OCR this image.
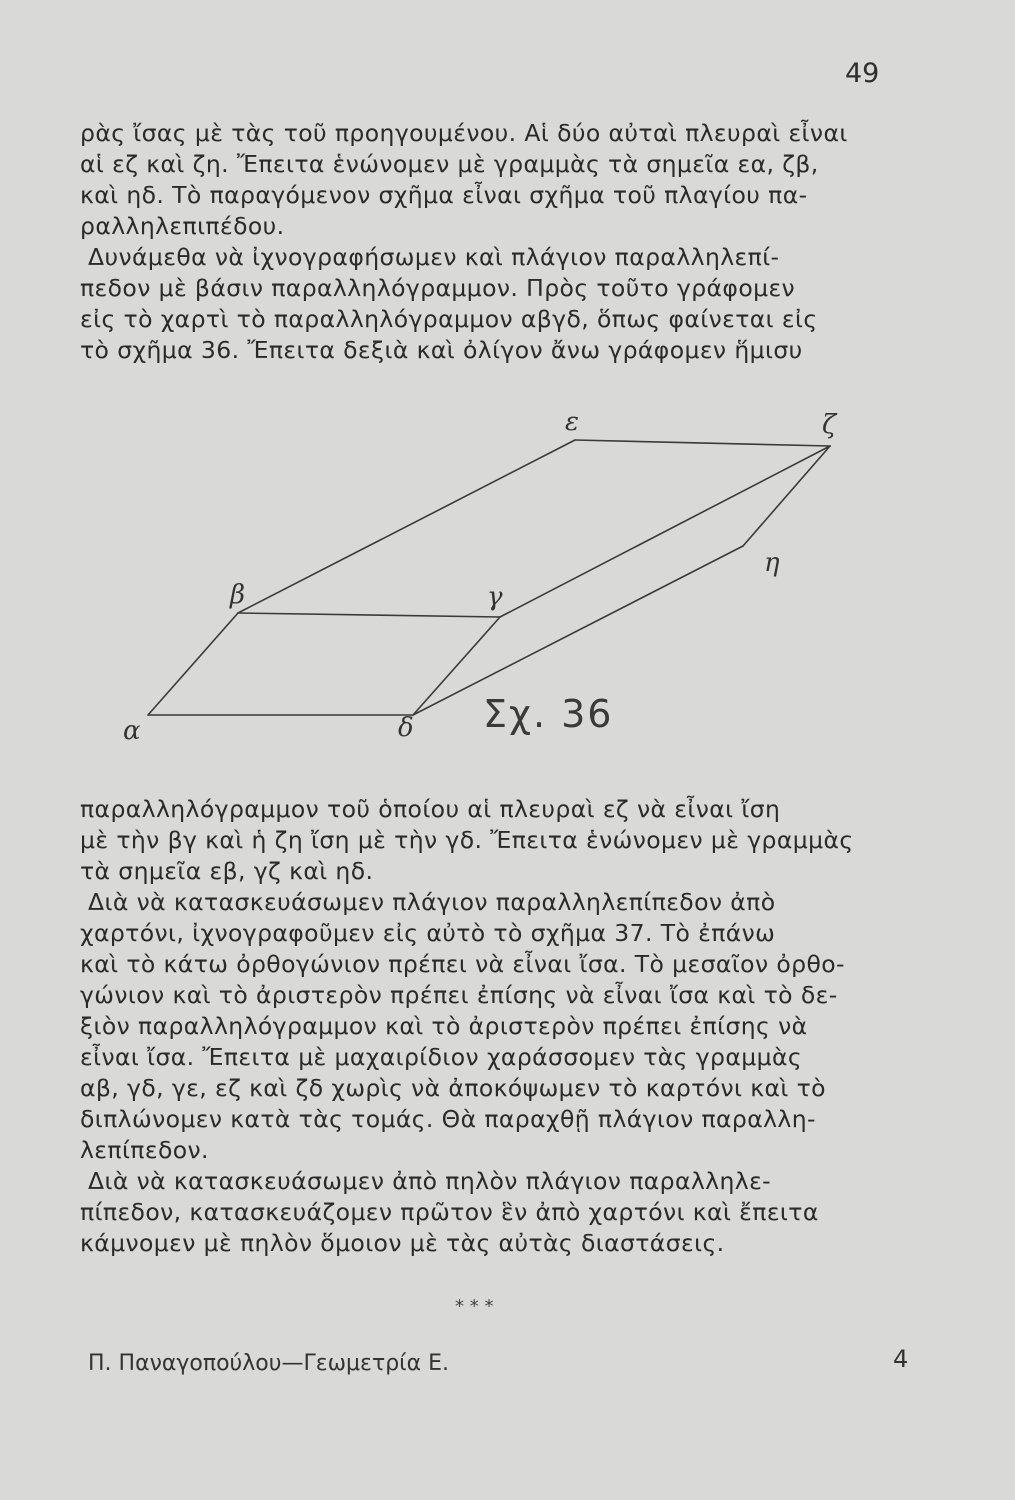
49
ρὰς ἴσας μὲ τὰς τοῦ προηγουμένου. Αἱ δύο αὐταὶ πλευραὶ εἶναι
αἱ εζ καὶ ζη. Ἔπειτα ἑνώνομεν μὲ γραμμὰς τὰ σημεῖα εα, ζβ,
καὶ ηδ. Τὸ παραγόμενον σχῆμα εἶναι σχῆμα τοῦ πλαγίου πα-
ραλληλεπιπέδου.
Δυνάμεθα νὰ ἰχνογραφήσωμεν καὶ πλάγιον παραλληλεπί-
πεδον μὲ βάσιν παραλληλόγραμμον. Πρὸς τοῦτο γράφομεν
εἰς τὸ χαρτὶ τὸ παραλληλόγραμμον αβγδ, ὅπως φαίνεται εἰς
τὸ σχῆμα 36. Ἔπειτα δεξιὰ καὶ ὀλίγον ἄνω γράφομεν ἥμισυ
α
β	γ
δ
ε	ζ
η
Σχ. 36
παραλληλόγραμμον τοῦ ὁποίου αἱ πλευραὶ εζ νὰ εἶναι ἴση
μὲ τὴν βγ καὶ ἡ ζη ἴση μὲ τὴν γδ. Ἔπειτα ἑνώνομεν μὲ γραμμὰς
τὰ σημεῖα εβ, γζ καὶ ηδ.
Διὰ νὰ κατασκευάσωμεν πλάγιον παραλληλεπίπεδον ἀπὸ
χαρτόνι, ἰχνογραφοῦμεν εἰς αὐτὸ τὸ σχῆμα 37. Τὸ ἐπάνω
καὶ τὸ κάτω ὀρθογώνιον πρέπει νὰ εἶναι ἴσα. Τὸ μεσαῖον ὀρθο-
γώνιον καὶ τὸ ἀριστερὸν πρέπει ἐπίσης νὰ εἶναι ἴσα καὶ τὸ δε-
ξιὸν παραλληλόγραμμον καὶ τὸ ἀριστερὸν πρέπει ἐπίσης νὰ
εἶναι ἴσα. Ἔπειτα μὲ μαχαιρίδιον χαράσσομεν τὰς γραμμὰς
αβ, γδ, γε, εζ καὶ ζδ χωρὶς νὰ ἀποκόψωμεν τὸ καρτόνι καὶ τὸ
διπλώνομεν κατὰ τὰς τομάς. Θὰ παραχθῇ πλάγιον παραλλη-
λεπίπεδον.
Διὰ νὰ κατασκευάσωμεν ἀπὸ πηλὸν πλάγιον παραλληλε-
πίπεδον, κατασκευάζομεν πρῶτον ἓν ἀπὸ χαρτόνι καὶ ἔπειτα
κάμνομεν μὲ πηλὸν ὅμοιον μὲ τὰς αὐτὰς διαστάσεις.
* * *
Π. Παναγοπούλου—Γεωμετρία Ε.	4
